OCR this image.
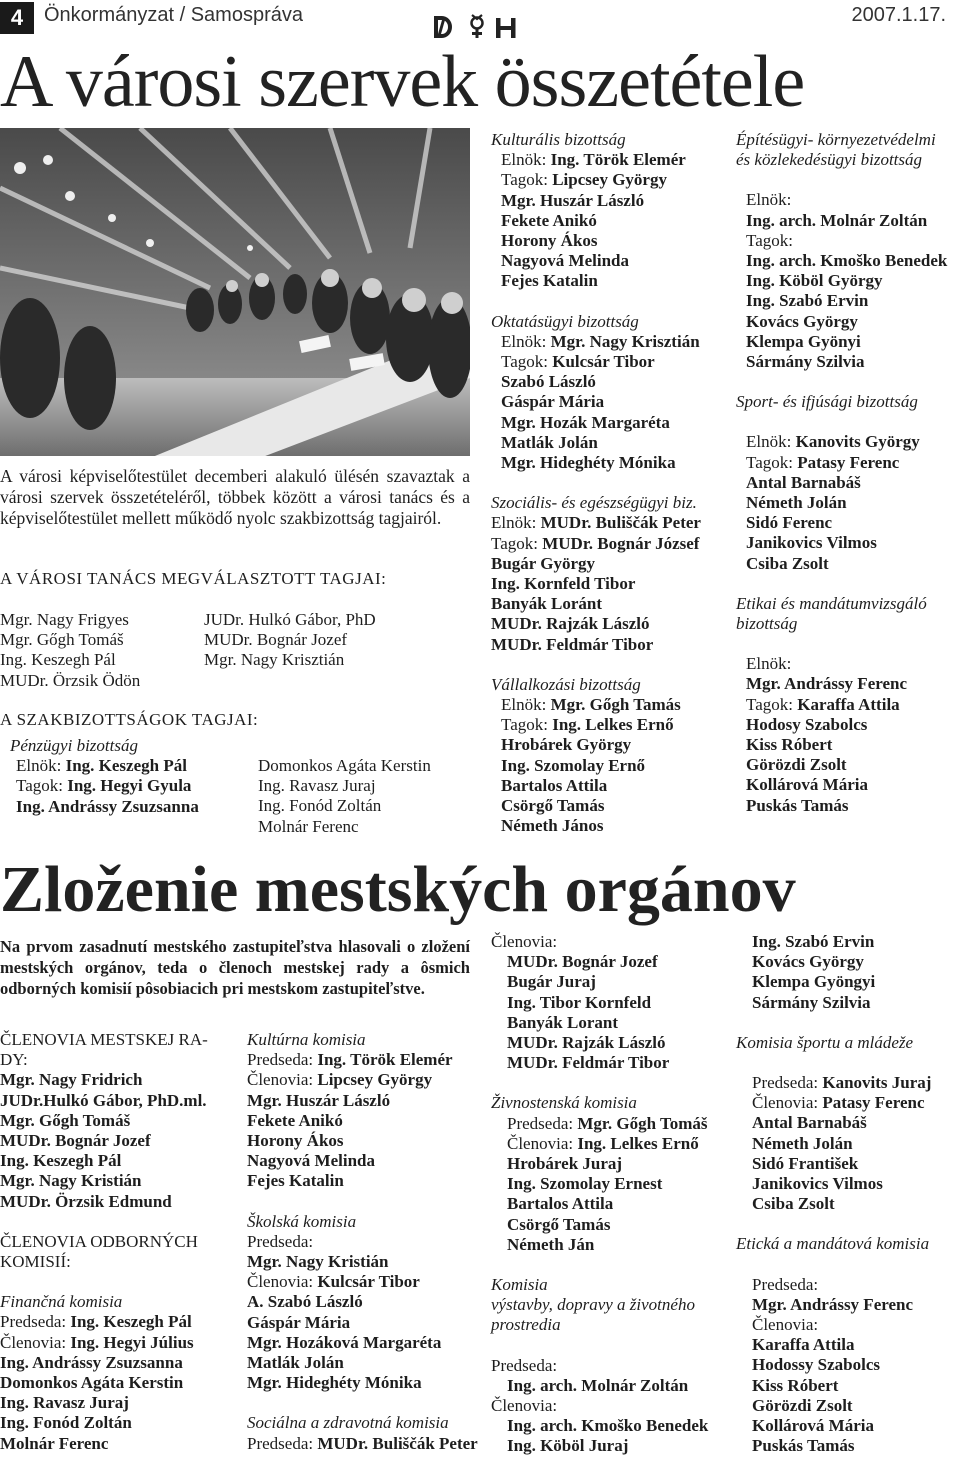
4	Önkormányzat / Samospráva	2007.1.17.
A városi szervek összetétele
A városi képviselőtestület decemberi alakuló ülésén szavaztak a városi szervek összetételéről, többek között a városi tanács és a képviselőtestület mellett működő nyolc szakbizottság tagjairól.
A VÁROSI TANÁCS MEGVÁLASZTOTT TAGJAI:
Mgr. Nagy Frigyes
Mgr. Gőgh Tomáš
Ing. Keszegh Pál
MUDr. Örzsik Ödön
JUDr. Hulkó Gábor, PhD
MUDr. Bognár Jozef
Mgr. Nagy Krisztián
A SZAKBIZOTTSÁGOK TAGJAI:
Pénzügyi bizottság
Elnök: Ing. Keszegh Pál
Tagok: Ing. Hegyi Gyula
Ing. Andrássy Zsuzsanna
Domonkos Agáta Kerstin
Ing. Ravasz Juraj
Ing. Fonód Zoltán
Molnár Ferenc
Kulturális bizottság
Elnök: Ing. Török Elemér
Tagok: Lipcsey György
Mgr. Huszár László
Fekete Anikó
Horony Ákos
Nagyová Melinda
Fejes Katalin
Oktatásügyi bizottság
Elnök: Mgr. Nagy Krisztián
Tagok: Kulcsár Tibor
Szabó László
Gáspár Mária
Mgr. Hozák Margaréta
Matlák Jolán
Mgr. Hideghéty Mónika
Szociális- és egészségügyi biz.
Elnök: MUDr. Buliščák Peter
Tagok: MUDr. Bognár József
Bugár György
Ing. Kornfeld Tibor
Banyák Loránt
MUDr. Rajzák László
MUDr. Feldmár Tibor
Vállalkozási bizottság
Elnök: Mgr. Gőgh Tamás
Tagok: Ing. Lelkes Ernő
Hrobárek György
Ing. Szomolay Ernő
Bartalos Attila
Csörgő Tamás
Németh János
Építésügyi- környezetvédelmi
és közlekedésügyi bizottság
Elnök:
Ing. arch. Molnár Zoltán
Tagok:
Ing. arch. Kmoško Benedek
Ing. Köböl György
Ing. Szabó Ervin
Kovács György
Klempa Gyönyi
Sármány Szilvia
Sport- és ifjúsági bizottság
Elnök: Kanovits György
Tagok: Patasy Ferenc
Antal Barnabáš
Németh Jolán
Sidó Ferenc
Janikovics Vilmos
Csiba Zsolt
Etikai és mandátumvizsgáló
bizottság
Elnök:
Mgr. Andrássy Ferenc
Tagok: Karaffa Attila
Hodosy Szabolcs
Kiss Róbert
Görözdi Zsolt
Kollárová Mária
Puskás Tamás
Zloženie mestských orgánov
Na prvom zasadnutí mestského zastupiteľstva hlasovali o zložení mestských orgánov, teda o členoch mestskej rady a ôsmich odborných komisií pôsobiacich pri mestskom zastupiteľstve.
ČLENOVIA MESTSKEJ RA-
DY:
Mgr. Nagy Fridrich
JUDr.Hulkó Gábor, PhD.ml.
Mgr. Gőgh Tomáš
MUDr. Bognár Jozef
Ing. Keszegh Pál
Mgr. Nagy Kristián
MUDr. Örzsik Edmund
ČLENOVIA ODBORNÝCH
KOMISIÍ:
Finančná komisia
Predseda: Ing. Keszegh Pál
Členovia: Ing. Hegyi Július
Ing. Andrássy Zsuzsanna
Domonkos Agáta Kerstin
Ing. Ravasz Juraj
Ing. Fonód Zoltán
Molnár Ferenc
Kultúrna komisia
Predseda: Ing. Török Elemér
Členovia: Lipcsey György
Mgr. Huszár László
Fekete Anikó
Horony Ákos
Nagyová Melinda
Fejes Katalin
Školská komisia
Predseda:
Mgr. Nagy Kristián
Členovia: Kulcsár Tibor
A. Szabó László
Gáspár Mária
Mgr. Hozáková Margaréta
Matlák Jolán
Mgr. Hideghéty Mónika
Sociálna a zdravotná komisia
Predseda: MUDr. Buliščák Peter
Členovia:
MUDr. Bognár Jozef
Bugár Juraj
Ing. Tibor Kornfeld
Banyák Lorant
MUDr. Rajzák László
MUDr. Feldmár Tibor
Živnostenská komisia
Predseda: Mgr. Gőgh Tomáš
Členovia: Ing. Lelkes Ernő
Hrobárek Juraj
Ing. Szomolay Ernest
Bartalos Attila
Csörgő Tamás
Németh Ján
Komisia
výstavby, dopravy a životného
prostredia
Predseda:
Ing. arch. Molnár Zoltán
Členovia:
Ing. arch. Kmoško Benedek
Ing. Köböl Juraj
Ing. Szabó Ervin
Kovács György
Klempa Gyöngyi
Sármány Szilvia
Komisia športu a mládeže
Predseda: Kanovits Juraj
Členovia: Patasy Ferenc
Antal Barnabáš
Németh Jolán
Sidó František
Janikovics Vilmos
Csiba Zsolt
Etická a mandátová komisia
Predseda:
Mgr. Andrássy Ferenc
Členovia:
Karaffa Attila
Hodossy Szabolcs
Kiss Róbert
Görözdi Zsolt
Kollárová Mária
Puskás Tamás
